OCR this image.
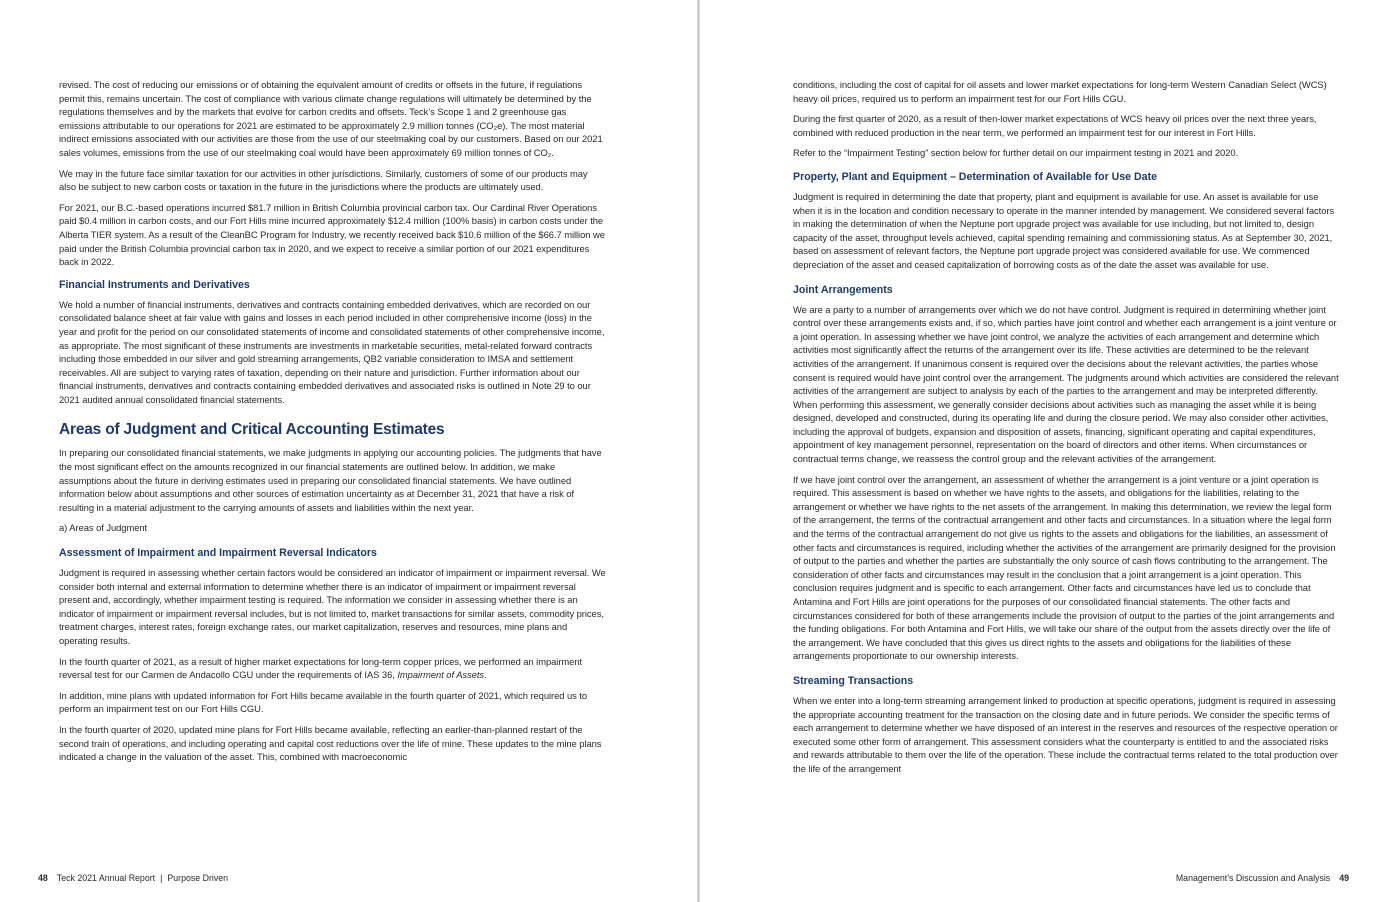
revised. The cost of reducing our emissions or of obtaining the equivalent amount of credits or offsets in the future, if regulations permit this, remains uncertain. The cost of compliance with various climate change regulations will ultimately be determined by the regulations themselves and by the markets that evolve for carbon credits and offsets. Teck’s Scope 1 and 2 greenhouse gas emissions attributable to our operations for 2021 are estimated to be approximately 2.9 million tonnes (CO₂e). The most material indirect emissions associated with our activities are those from the use of our steelmaking coal by our customers. Based on our 2021 sales volumes, emissions from the use of our steelmaking coal would have been approximately 69 million tonnes of CO₂.

We may in the future face similar taxation for our activities in other jurisdictions. Similarly, customers of some of our products may also be subject to new carbon costs or taxation in the future in the jurisdictions where the products are ultimately used.

For 2021, our B.C.-based operations incurred $81.7 million in British Columbia provincial carbon tax. Our Cardinal River Operations paid $0.4 million in carbon costs, and our Fort Hills mine incurred approximately $12.4 million (100% basis) in carbon costs under the Alberta TIER system. As a result of the CleanBC Program for Industry, we recently received back $10.6 million of the $66.7 million we paid under the British Columbia provincial carbon tax in 2020, and we expect to receive a similar portion of our 2021 expenditures back in 2022.

Financial Instruments and Derivatives

We hold a number of financial instruments, derivatives and contracts containing embedded derivatives, which are recorded on our consolidated balance sheet at fair value with gains and losses in each period included in other comprehensive income (loss) in the year and profit for the period on our consolidated statements of income and consolidated statements of other comprehensive income, as appropriate. The most significant of these instruments are investments in marketable securities, metal-related forward contracts including those embedded in our silver and gold streaming arrangements, QB2 variable consideration to IMSA and settlement receivables. All are subject to varying rates of taxation, depending on their nature and jurisdiction. Further information about our financial instruments, derivatives and contracts containing embedded derivatives and associated risks is outlined in Note 29 to our 2021 audited annual consolidated financial statements.

Areas of Judgment and Critical Accounting Estimates

In preparing our consolidated financial statements, we make judgments in applying our accounting policies. The judgments that have the most significant effect on the amounts recognized in our financial statements are outlined below. In addition, we make assumptions about the future in deriving estimates used in preparing our consolidated financial statements. We have outlined information below about assumptions and other sources of estimation uncertainty as at December 31, 2021 that have a risk of resulting in a material adjustment to the carrying amounts of assets and liabilities within the next year.

a) Areas of Judgment

Assessment of Impairment and Impairment Reversal Indicators

Judgment is required in assessing whether certain factors would be considered an indicator of impairment or impairment reversal. We consider both internal and external information to determine whether there is an indicator of impairment or impairment reversal present and, accordingly, whether impairment testing is required. The information we consider in assessing whether there is an indicator of impairment or impairment reversal includes, but is not limited to, market transactions for similar assets, commodity prices, treatment charges, interest rates, foreign exchange rates, our market capitalization, reserves and resources, mine plans and operating results.

In the fourth quarter of 2021, as a result of higher market expectations for long-term copper prices, we performed an impairment reversal test for our Carmen de Andacollo CGU under the requirements of IAS 36, Impairment of Assets.

In addition, mine plans with updated information for Fort Hills became available in the fourth quarter of 2021, which required us to perform an impairment test on our Fort Hills CGU.

In the fourth quarter of 2020, updated mine plans for Fort Hills became available, reflecting an earlier-than-planned restart of the second train of operations, and including operating and capital cost reductions over the life of mine. These updates to the mine plans indicated a change in the valuation of the asset. This, combined with macroeconomic

48 Teck 2021 Annual Report | Purpose Driven

conditions, including the cost of capital for oil assets and lower market expectations for long-term Western Canadian Select (WCS) heavy oil prices, required us to perform an impairment test for our Fort Hills CGU.

During the first quarter of 2020, as a result of then-lower market expectations of WCS heavy oil prices over the next three years, combined with reduced production in the near term, we performed an impairment test for our interest in Fort Hills.

Refer to the “Impairment Testing” section below for further detail on our impairment testing in 2021 and 2020.

Property, Plant and Equipment – Determination of Available for Use Date

Judgment is required in determining the date that property, plant and equipment is available for use. An asset is available for use when it is in the location and condition necessary to operate in the manner intended by management. We considered several factors in making the determination of when the Neptune port upgrade project was available for use including, but not limited to, design capacity of the asset, throughput levels achieved, capital spending remaining and commissioning status. As at September 30, 2021, based on assessment of relevant factors, the Neptune port upgrade project was considered available for use. We commenced depreciation of the asset and ceased capitalization of borrowing costs as of the date the asset was available for use.

Joint Arrangements

We are a party to a number of arrangements over which we do not have control. Judgment is required in determining whether joint control over these arrangements exists and, if so, which parties have joint control and whether each arrangement is a joint venture or a joint operation. In assessing whether we have joint control, we analyze the activities of each arrangement and determine which activities most significantly affect the returns of the arrangement over its life. These activities are determined to be the relevant activities of the arrangement. If unanimous consent is required over the decisions about the relevant activities, the parties whose consent is required would have joint control over the arrangement. The judgments around which activities are considered the relevant activities of the arrangement are subject to analysis by each of the parties to the arrangement and may be interpreted differently. When performing this assessment, we generally consider decisions about activities such as managing the asset while it is being designed, developed and constructed, during its operating life and during the closure period. We may also consider other activities, including the approval of budgets, expansion and disposition of assets, financing, significant operating and capital expenditures, appointment of key management personnel, representation on the board of directors and other items. When circumstances or contractual terms change, we reassess the control group and the relevant activities of the arrangement.

If we have joint control over the arrangement, an assessment of whether the arrangement is a joint venture or a joint operation is required. This assessment is based on whether we have rights to the assets, and obligations for the liabilities, relating to the arrangement or whether we have rights to the net assets of the arrangement. In making this determination, we review the legal form of the arrangement, the terms of the contractual arrangement and other facts and circumstances. In a situation where the legal form and the terms of the contractual arrangement do not give us rights to the assets and obligations for the liabilities, an assessment of other facts and circumstances is required, including whether the activities of the arrangement are primarily designed for the provision of output to the parties and whether the parties are substantially the only source of cash flows contributing to the arrangement. The consideration of other facts and circumstances may result in the conclusion that a joint arrangement is a joint operation. This conclusion requires judgment and is specific to each arrangement. Other facts and circumstances have led us to conclude that Antamina and Fort Hills are joint operations for the purposes of our consolidated financial statements. The other facts and circumstances considered for both of these arrangements include the provision of output to the parties of the joint arrangements and the funding obligations. For both Antamina and Fort Hills, we will take our share of the output from the assets directly over the life of the arrangement. We have concluded that this gives us direct rights to the assets and obligations for the liabilities of these arrangements proportionate to our ownership interests.

Streaming Transactions

When we enter into a long-term streaming arrangement linked to production at specific operations, judgment is required in assessing the appropriate accounting treatment for the transaction on the closing date and in future periods. We consider the specific terms of each arrangement to determine whether we have disposed of an interest in the reserves and resources of the respective operation or executed some other form of arrangement. This assessment considers what the counterparty is entitled to and the associated risks and rewards attributable to them over the life of the operation. These include the contractual terms related to the total production over the life of the arrangement

Management’s Discussion and Analysis 49
